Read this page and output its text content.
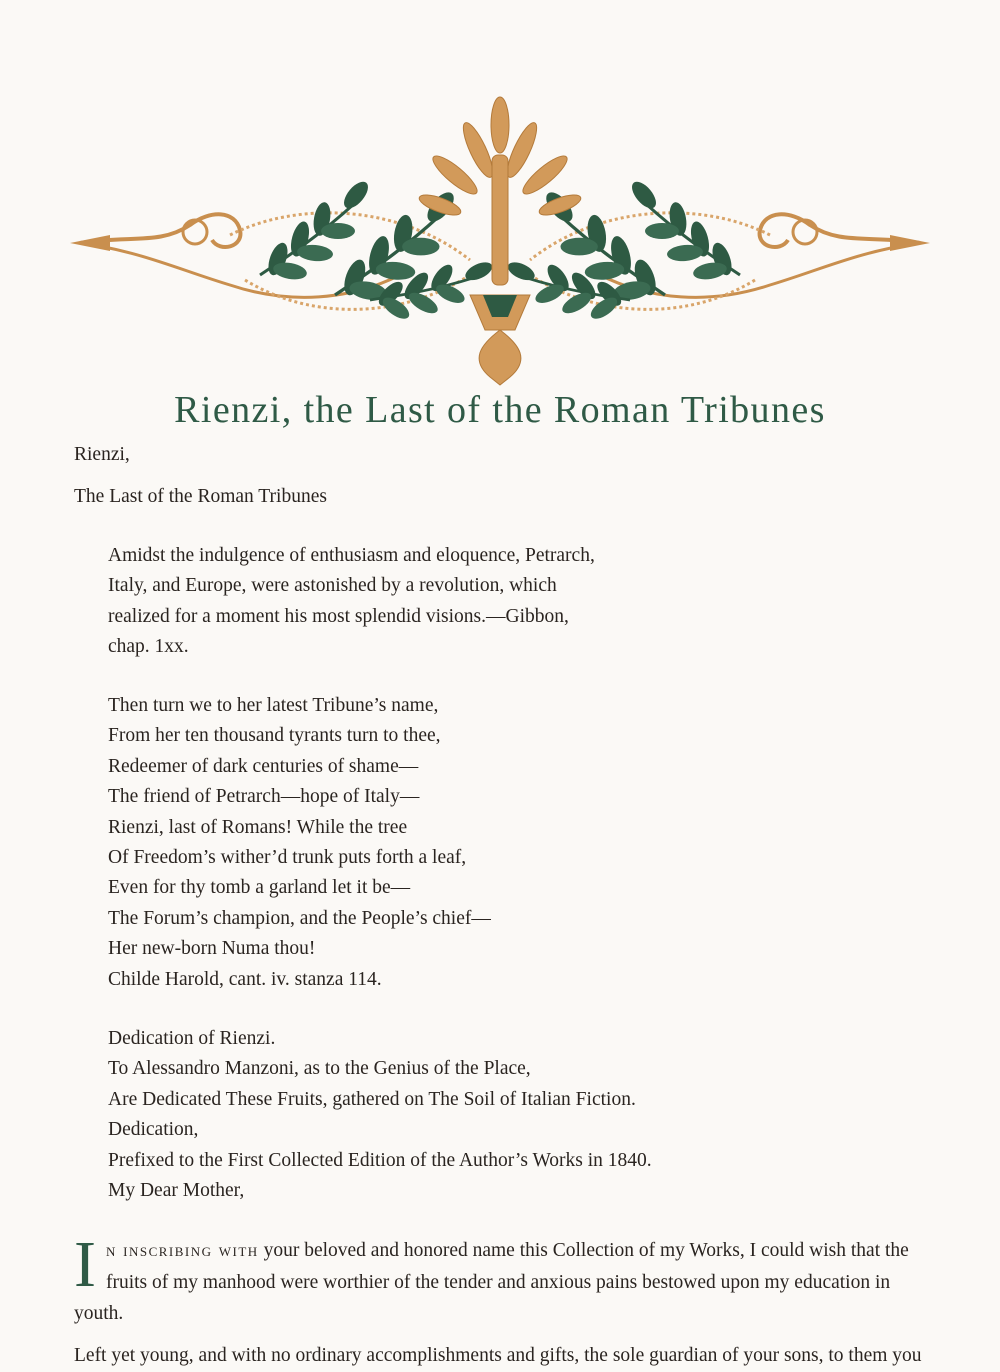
Rienzi, the Last of the Roman Tribunes

Rienzi,

The Last of the Roman Tribunes

Amidst the indulgence of enthusiasm and eloquence, Petrarch,
Italy, and Europe, were astonished by a revolution, which
realized for a moment his most splendid visions.—Gibbon,
chap. 1xx.
Then turn we to her latest Tribune’s name,
From her ten thousand tyrants turn to thee,
Redeemer of dark centuries of shame—
The friend of Petrarch—hope of Italy—
Rienzi, last of Romans! While the tree
Of Freedom’s wither’d trunk puts forth a leaf,
Even for thy tomb a garland let it be—
The Forum’s champion, and the People’s chief—
Her new-born Numa thou!
Childe Harold, cant. iv. stanza 114.
Dedication of Rienzi.
To Alessandro Manzoni, as to the Genius of the Place,
Are Dedicated These Fruits, gathered on The Soil of Italian Fiction.
Dedication,
Prefixed to the First Collected Edition of the Author’s Works in 1840.
My Dear Mother,

In inscribing with your beloved and honored name this Collection of my Works, I could wish that the fruits of my manhood were worthier of the tender and anxious pains bestowed upon my education in youth.

Left yet young, and with no ordinary accomplishments and gifts, the sole guardian of your sons, to them you
